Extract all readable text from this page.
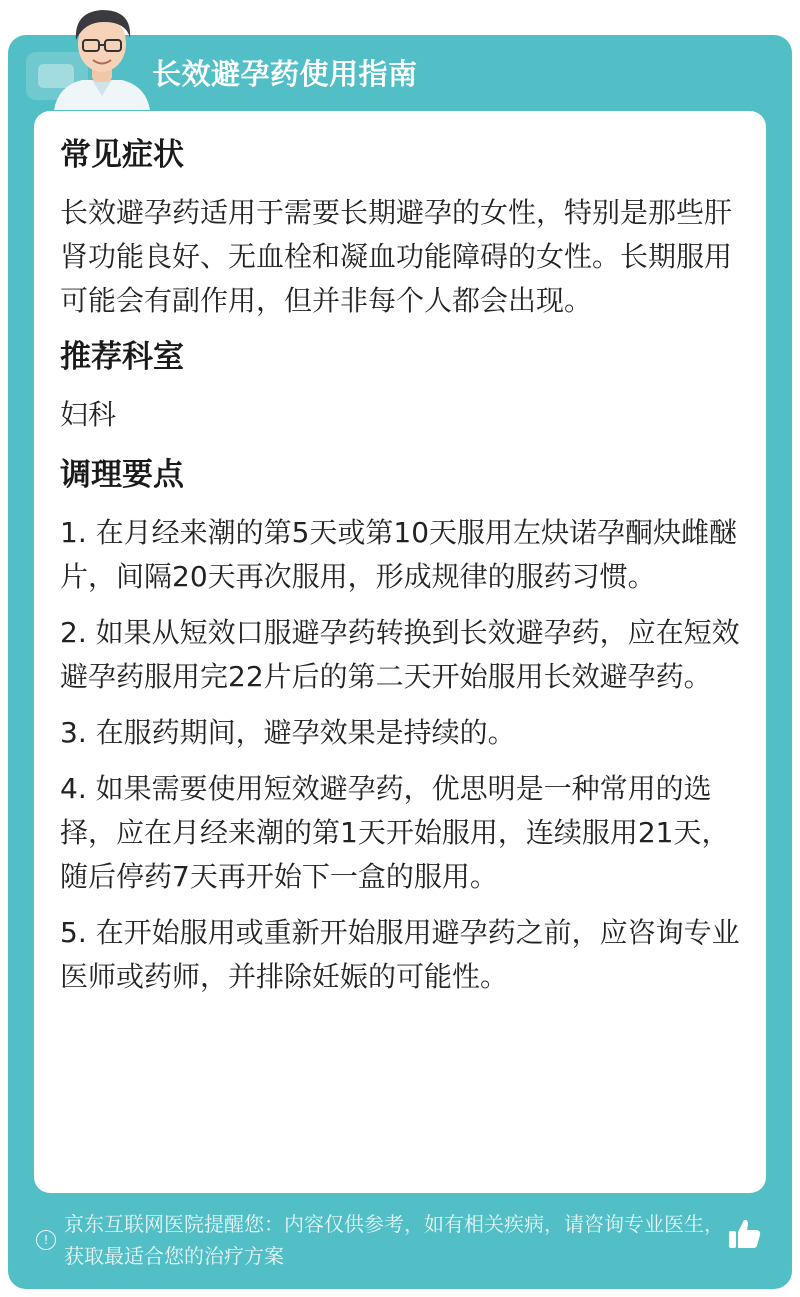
长效避孕药使用指南
常见症状

长效避孕药适用于需要长期避孕的女性，特别是那些肝肾功能良好、无血栓和凝血功能障碍的女性。长期服用可能会有副作用，但并非每个人都会出现。

推荐科室

妇科

调理要点

1. 在月经来潮的第5天或第10天服用左炔诺孕酮炔雌醚片，间隔20天再次服用，形成规律的服药习惯。

2. 如果从短效口服避孕药转换到长效避孕药，应在短效避孕药服用完22片后的第二天开始服用长效避孕药。

3. 在服药期间，避孕效果是持续的。

4. 如果需要使用短效避孕药，优思明是一种常用的选择，应在月经来潮的第1天开始服用，连续服用21天，随后停药7天再开始下一盒的服用。

5. 在开始服用或重新开始服用避孕药之前，应咨询专业医师或药师，并排除妊娠的可能性。

!
京东互联网医院提醒您：内容仅供参考，如有相关疾病，请咨询专业医生，获取最适合您的治疗方案
